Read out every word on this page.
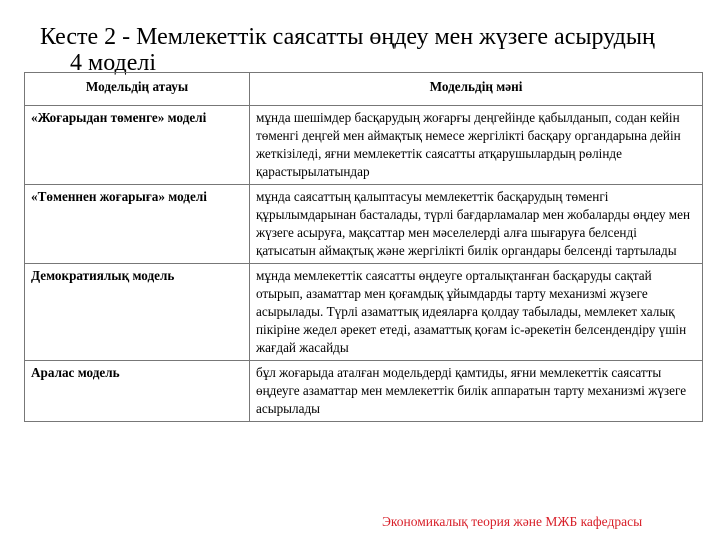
Кесте 2 - Мемлекеттік саясатты өңдеу мен жүзеге асырудың
4 моделі
Модельдің атауы	Модельдің мәні
«Жоғарыдан төменге» моделі	мұнда шешімдер басқарудың жоғарғы деңгейінде қабылданып, содан кейін төменгі деңгей мен аймақтық немесе жергілікті басқару органдарына дейін жеткізіледі, яғни мемлекеттік саясатты атқарушылардың рөлінде қарастырылатындар
«Төменнен жоғарыға» моделі	мұнда саясаттың қалыптасуы мемлекеттік басқарудың төменгі құрылымдарынан басталады, түрлі бағдарламалар мен жобаларды өңдеу мен жүзеге асыруға, мақсаттар мен мәселелерді алға шығаруға белсенді қатысатын аймақтық және жергілікті билік органдары белсенді тартылады
Демократиялық модель	мұнда мемлекеттік саясатты өңдеуге орталықтанған басқаруды сақтай отырып, азаматтар мен қоғамдық ұйымдарды тарту механизмі жүзеге асырылады. Түрлі азаматтық идеяларға қолдау табылады, мемлекет халық пікіріне жедел әрекет етеді, азаматтық қоғам іс-әрекетін белсендендіру үшін жағдай жасайды
Аралас модель	бұл жоғарыда аталған модельдерді қамтиды, яғни мемлекеттік саясатты өңдеуге азаматтар мен мемлекеттік билік аппаратын тарту механизмі жүзеге асырылады
Экономикалық теория және МЖБ кафедрасы
